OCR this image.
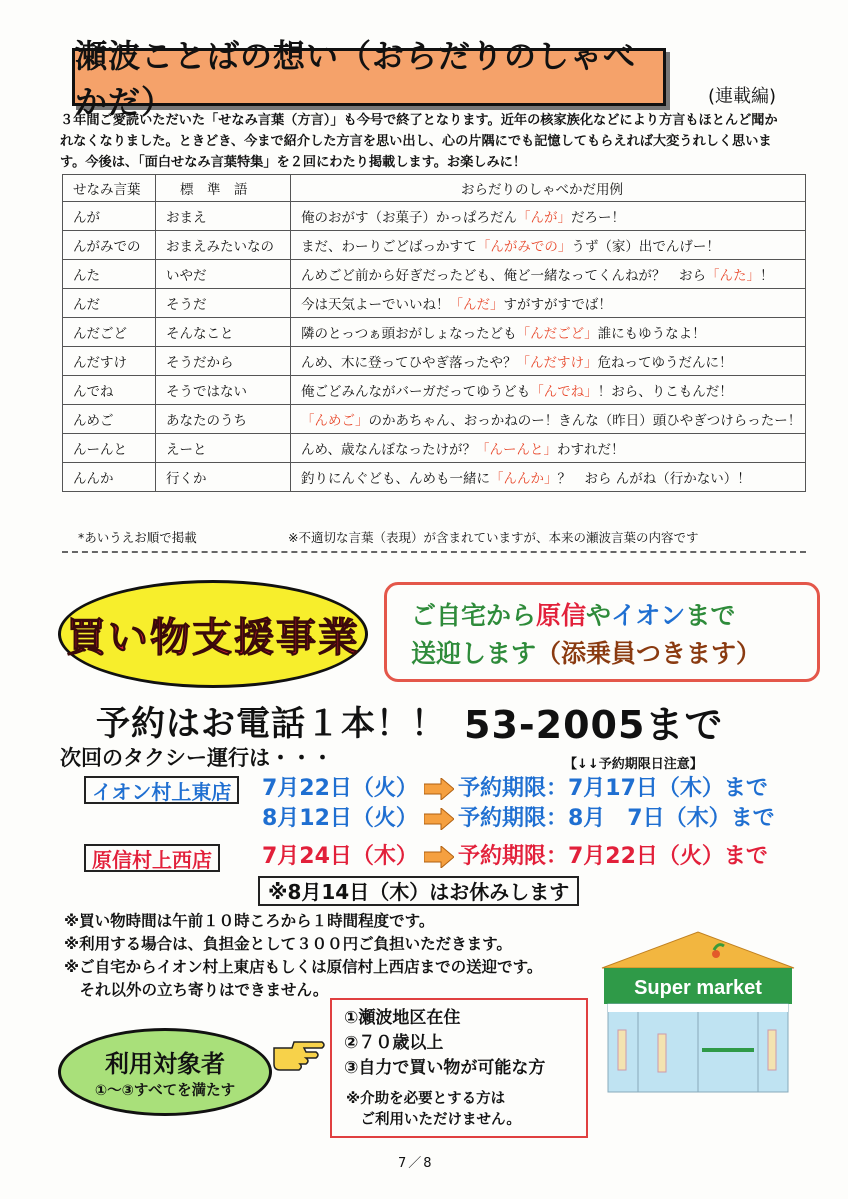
瀬波ことばの想い（おらだりのしゃべかだ）	(連載編)
３年間ご愛読いただいた「せなみ言葉（方言）」も今号で終了となります。近年の核家族化などにより方言もほとんど聞かれなくなりました。ときどき、今まで紹介した方言を思い出し、心の片隅にでも記憶してもらえれば大変うれしく思います。今後は、「面白せなみ言葉特集」を２回にわたり掲載します。お楽しみに！
せなみ言葉	標　準　語	おらだりのしゃべかだ用例
んが	おまえ	俺のおがす（お菓子）かっぱろだん「んが」だろー！
んがみでの	おまえみたいなの	まだ、わーりごどばっかすて「んがみでの」うず（家）出でんげー！
んた	いやだ	んめごど前から好ぎだったども、俺ど一緒なってくんねが？　おら「んた」！
んだ	そうだ	今は天気よーでいいね！「んだ」すがすがすでば！
んだごど	そんなこと	隣のとっつぁ頭おがしょなったども「んだごど」誰にもゆうなよ！
んだすけ	そうだから	んめ、木に登ってひやぎ落ったや？「んだすけ」危ねってゆうだんに！
んでね	そうではない	俺ごどみんながバーガだってゆうども「んでね」！おら、りこもんだ！
んめご	あなたのうち	「んめご」のかあちゃん、おっかねのー！きんな（昨日）頭ひやぎつけらったー！
んーんと	えーと	んめ、歳なんぼなったけが？「んーんと」わすれだ！
んんか	行くか	釣りにんぐども、んめも一緒に「んんか」？　おら んがね（行かない）！
*あいうえお順で掲載	※不適切な言葉（表現）が含まれていますが、本来の瀬波言葉の内容です
買い物支援事業 ご自宅から原信やイオンまで
送迎します（添乗員つきます）
予約はお電話１本！！ 53-2005まで
次回のタクシー運行は・・・	【↓↓予約期限日注意】
イオン村上東店
原信村上西店
7月22日（火） 予約期限：7月17日（木）まで
8月12日（火） 予約期限：8月　7日（木）まで
7月24日（木） 予約期限：7月22日（火）まで
※8月14日（木）はお休みします
※買い物時間は午前１０時ころから１時間程度です。
※利用する場合は、負担金として３００円ご負担いただきます。
※ご自宅からイオン村上東店もしくは原信村上西店までの送迎です。
　それ以外の立ち寄りはできません。	Super market
利用対象者
①～③すべてを満たす
①瀬波地区在住
②７０歳以上
③自力で買い物が可能な方
※介助を必要とする方は
　ご利用いただけません。
7／8
